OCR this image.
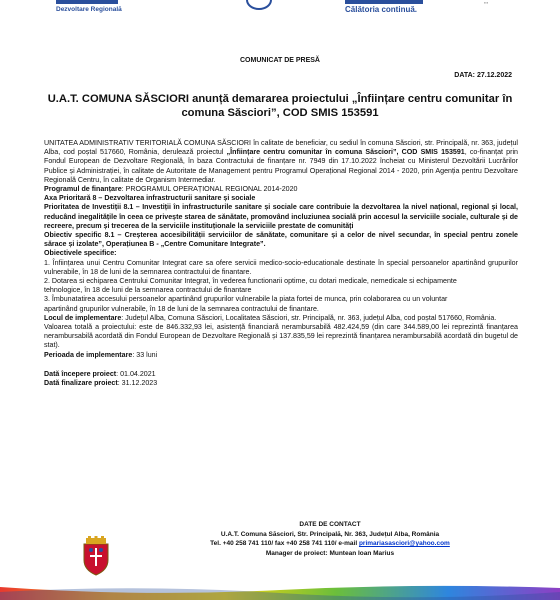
Dezvoltare Regională	Călătoria continuă.
▪▪▪
COMUNICAT DE PRESĂ
DATA: 27.12.2022
U.A.T. COMUNA SĂSCIORI anunță demararea proiectului „Înființare centru comunitar în comuna Săsciori”, COD SMIS 153591

UNITATEA ADMINISTRATIV TERITORIALĂ COMUNA SĂSCIORI în calitate de beneficiar, cu sediul în comuna Săsciori, str. Principală, nr. 363, județul Alba, cod poștal 517660, România, derulează proiectul „Înființare centru comunitar în comuna Săsciori”, COD SMIS 153591, co-finanțat prin Fondul European de Dezvoltare Regională, în baza Contractului de finanțare nr. 7949 din 17.10.2022 încheiat cu Ministerul Dezvoltării Lucrărilor Publice și Administrației, în calitate de Autoritate de Management pentru Programul Operațional Regional 2014 - 2020, prin Agenția pentru Dezvoltare Regională Centru, în calitate de Organism Intermediar.

Programul de finanțare: PROGRAMUL OPERAȚIONAL REGIONAL 2014-2020

Axa Prioritară 8 – Dezvoltarea infrastructurii sanitare și sociale

Prioritatea de Investiții 8.1 – Investiții în infrastructurile sanitare și sociale care contribuie la dezvoltarea la nivel național, regional și local, reducând inegalitățile în ceea ce privește starea de sănătate, promovând incluziunea socială prin accesul la serviciile sociale, culturale și de recreere, precum și trecerea de la serviciile instituționale la serviciile prestate de comunități

Obiectiv specific 8.1 – Creșterea accesibilității serviciilor de sănătate, comunitare și a celor de nivel secundar, în special pentru zonele sărace și izolate”, Operațiunea B - „Centre Comunitare Integrate”.

Obiectivele specifice:

1. Înființarea unui Centru Comunitar Integrat care sa ofere servicii medico-socio-educationale destinate în special persoanelor apartinând grupurilor vulnerabile, în 18 de luni de la semnarea contractului de finantare.

2. Dotarea si echiparea Centrului Comunitar Integrat, în vederea functionarii optime, cu dotari medicale, nemedicale si echipamente

tehnologice, în 18 de luni de la semnarea contractului de finantare

3. Îmbunatatirea accesului persoanelor apartinând grupurilor vulnerabile la piata fortei de munca, prin colaborarea cu un voluntar

apartinând grupurilor vulnerabile, în 18 de luni de la semnarea contractului de finantare.

Locul de implementare: Județul Alba, Comuna Săsciori, Localitatea Săsciori, str. Principală, nr. 363, județul Alba, cod poștal 517660, România.

Valoarea totală a proiectului: este de 846.332,93 lei, asistență financiară nerambursabilă 482.424,59 (din care 344.589,00 lei reprezintă finanțarea nerambursabilă acordată din Fondul European de Dezvoltare Regională și 137.835,59 lei reprezintă finanțarea nerambursabilă acordată din bugetul de stat).

Perioada de implementare: 33 luni

Dată începere proiect: 01.04.2021

Dată finalizare proiect: 31.12.2023

DATE DE CONTACT
U.A.T. Comuna Săsciori, Str. Principală, Nr. 363, Județul Alba, România
Tel. +40 258 741 110/ fax +40 258 741 110/ e-mail primariasasciori@yahoo.com
Manager de proiect: Muntean Ioan Marius
